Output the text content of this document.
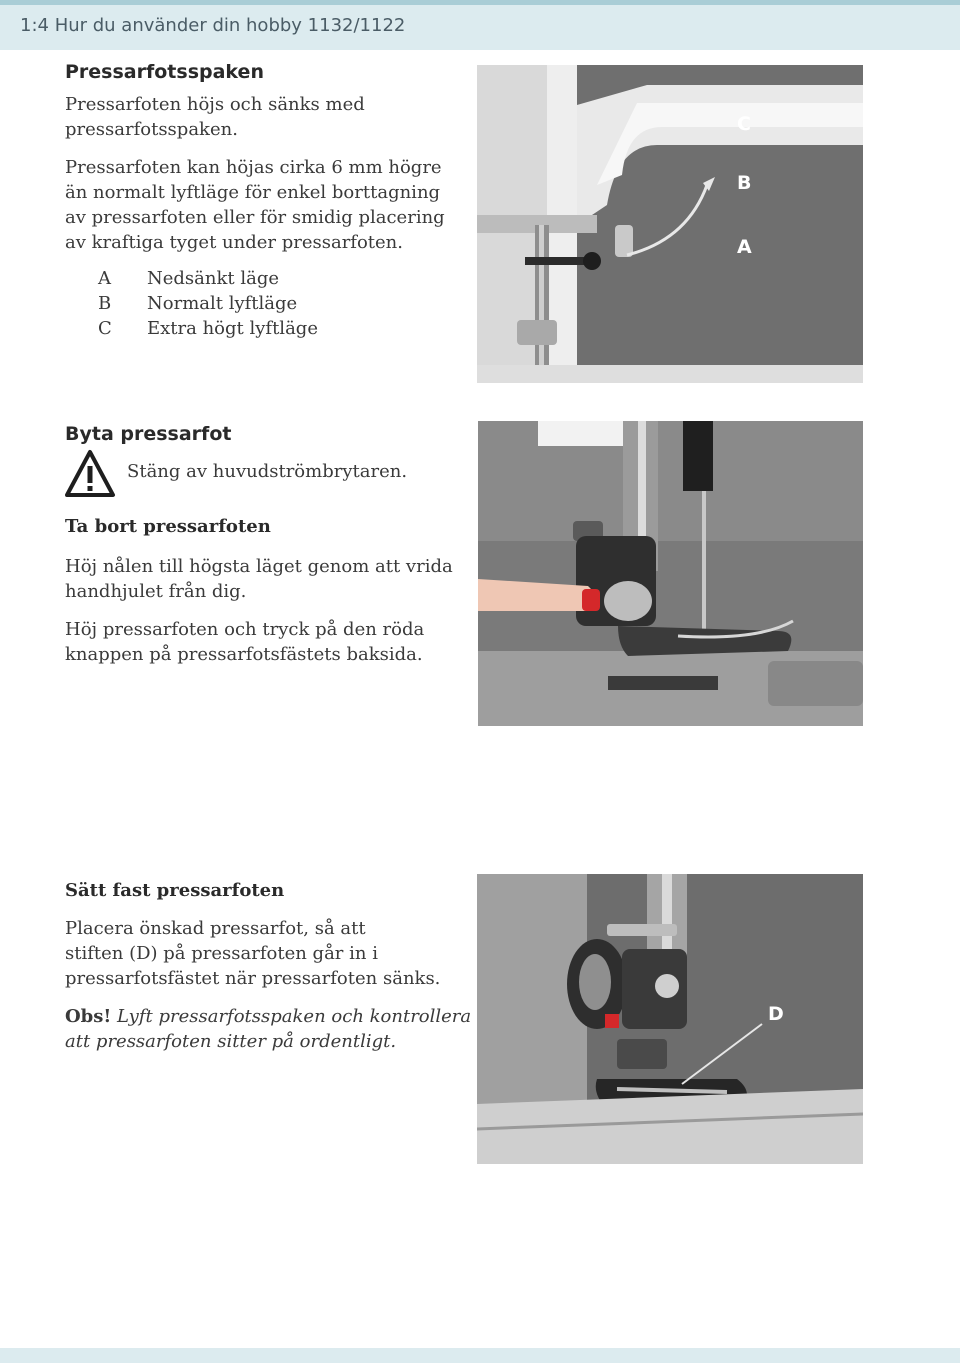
1:4 Hur du använder din hobby 1132/1122
Pressarfotsspaken

Pressarfoten höjs och sänks med
pressarfotsspaken.

Pressarfoten kan höjas cirka 6 mm högre
än normalt lyftläge för enkel borttagning
av pressarfoten eller för smidig placering
av kraftiga tyget under pressarfoten.

A	Nedsänkt läge
B	Normalt lyftläge
C	Extra högt lyftläge
C
B
A
Byta pressarfot

Stäng av huvudströmbrytaren.

Ta bort pressarfoten

Höj nålen till högsta läget genom att vrida
handhjulet från dig.

Höj pressarfoten och tryck på den röda
knappen på pressarfotsfästets baksida.

Sätt fast pressarfoten

Placera önskad pressarfot, så att
stiften (D) på pressarfoten går in i
pressarfotsfästet när pressarfoten sänks.

Obs! Lyft pressarfotsspaken och kontrollera
att pressarfoten sitter på ordentligt.

D
